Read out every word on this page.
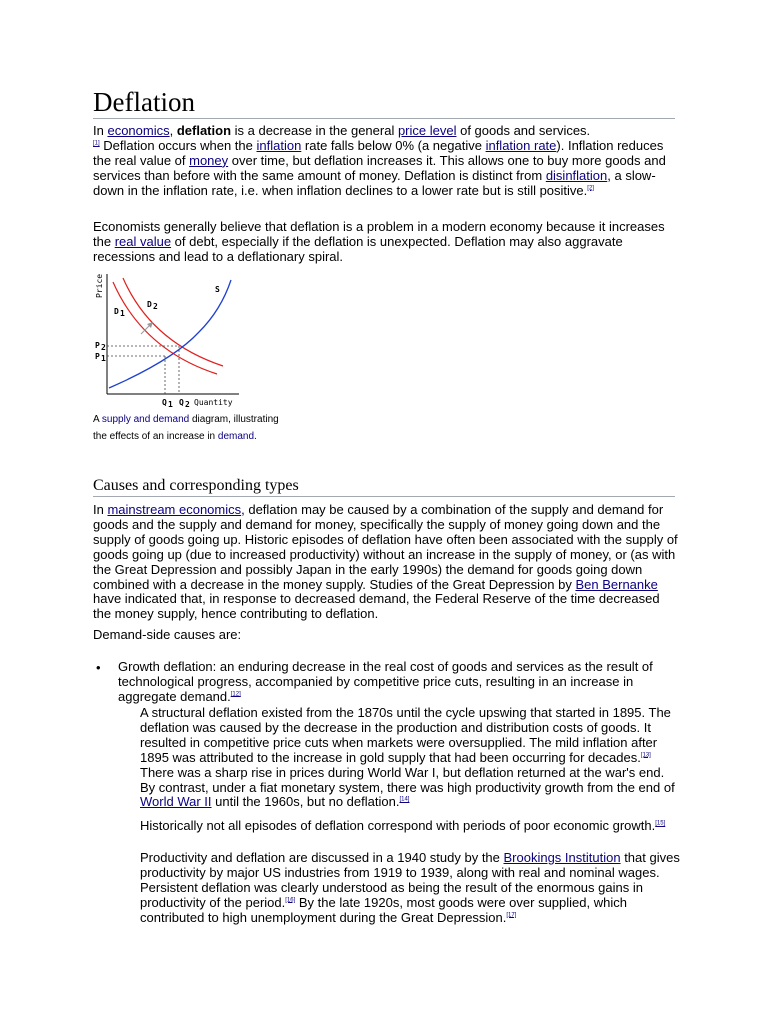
Deflation

In economics, deflation is a decrease in the general price level of goods and services.
[1] Deflation occurs when the inflation rate falls below 0% (a negative inflation rate). Inflation reduces the real value of money over time, but deflation increases it. This allows one to buy more goods and services than before with the same amount of money. Deflation is distinct from disinflation, a slow-down in the inflation rate, i.e. when inflation declines to a lower rate but is still positive.[2]

Economists generally believe that deflation is a problem in a modern economy because it increases the real value of debt, especially if the deflation is unexpected. Deflation may also aggravate recessions and lead to a deflationary spiral.

Price
Quantity
S
D 1
D 2
P 2
P 1
Q 1 Q 2
A supply and demand diagram, illustrating
the effects of an increase in demand.
Causes and corresponding types

In mainstream economics, deflation may be caused by a combination of the supply and demand for goods and the supply and demand for money, specifically the supply of money going down and the supply of goods going up. Historic episodes of deflation have often been associated with the supply of goods going up (due to increased productivity) without an increase in the supply of money, or (as with the Great Depression and possibly Japan in the early 1990s) the demand for goods going down combined with a decrease in the money supply. Studies of the Great Depression by Ben Bernanke have indicated that, in response to decreased demand, the Federal Reserve of the time decreased the money supply, hence contributing to deflation.

Demand-side causes are:

• Growth deflation: an enduring decrease in the real cost of goods and services as the result of technological progress, accompanied by competitive price cuts, resulting in an increase in aggregate demand.[12]

A structural deflation existed from the 1870s until the cycle upswing that started in 1895. The deflation was caused by the decrease in the production and distribution costs of goods. It resulted in competitive price cuts when markets were oversupplied. The mild inflation after 1895 was attributed to the increase in gold supply that had been occurring for decades.[13] There was a sharp rise in prices during World War I, but deflation returned at the war's end. By contrast, under a fiat monetary system, there was high productivity growth from the end of World War II until the 1960s, but no deflation.[14]

Historically not all episodes of deflation correspond with periods of poor economic growth.[15]

Productivity and deflation are discussed in a 1940 study by the Brookings Institution that gives productivity by major US industries from 1919 to 1939, along with real and nominal wages. Persistent deflation was clearly understood as being the result of the enormous gains in productivity of the period.[16] By the late 1920s, most goods were over supplied, which contributed to high unemployment during the Great Depression.[17]
